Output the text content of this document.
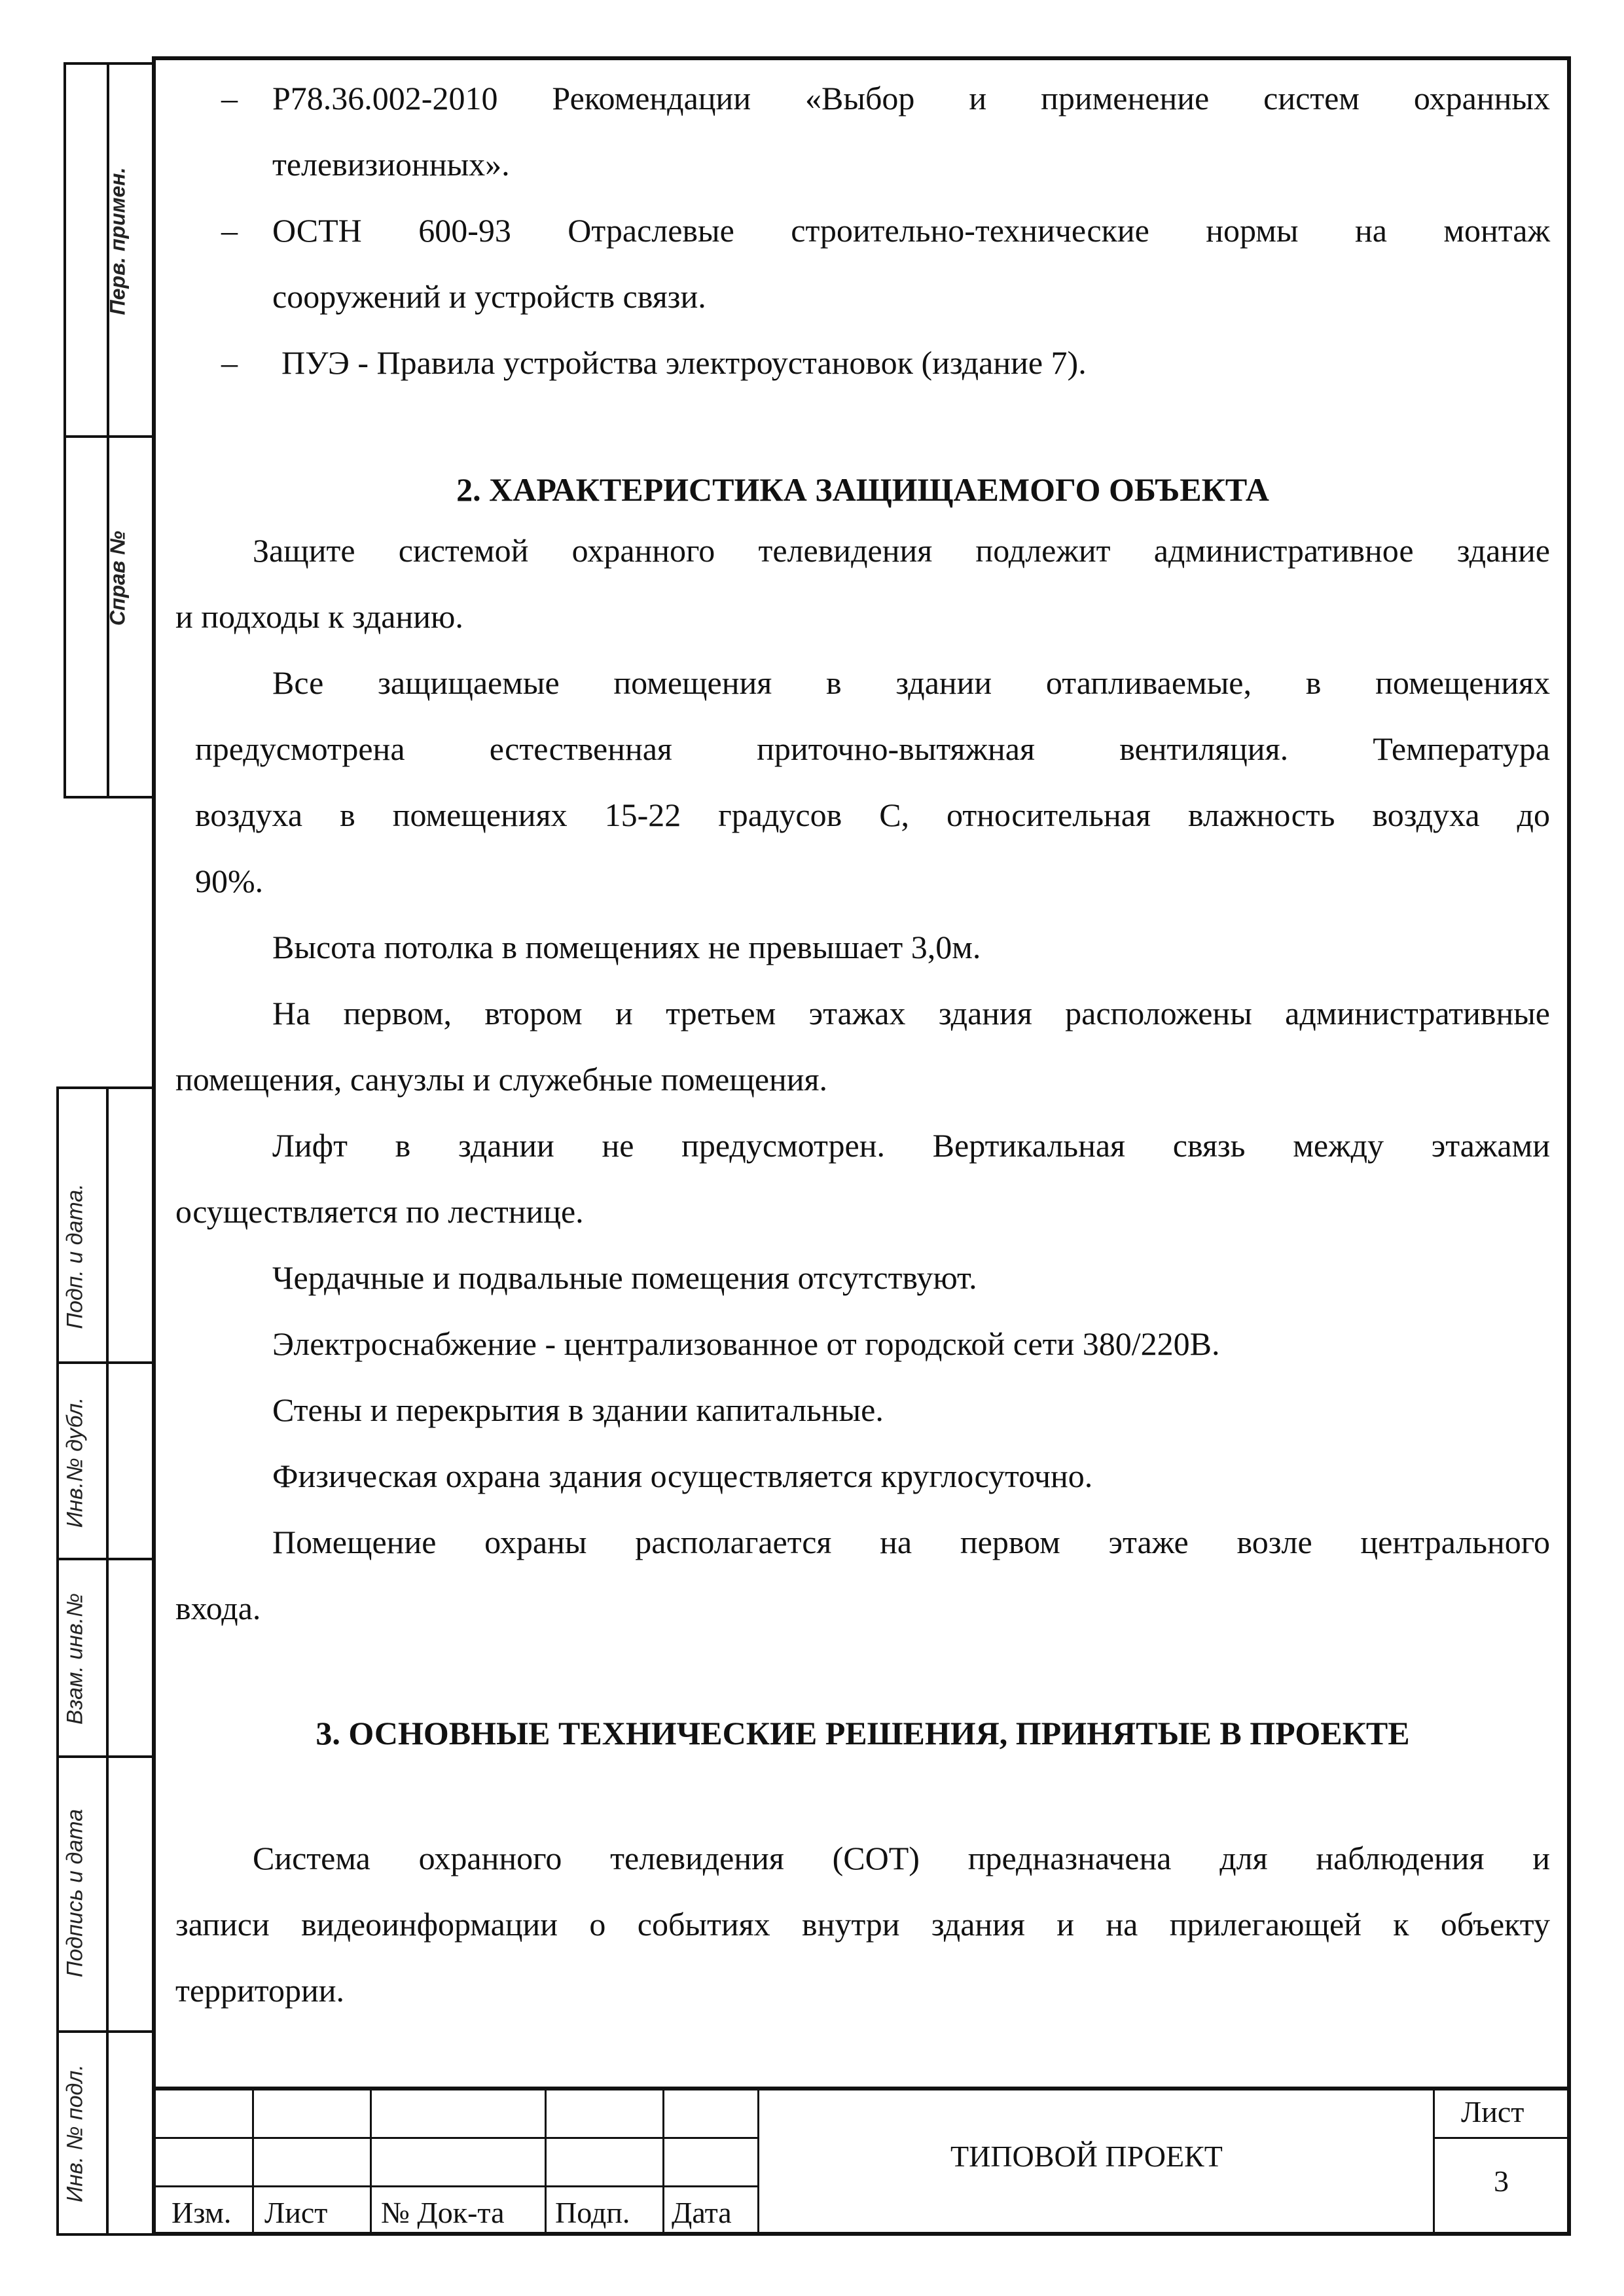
Перв. примен.
Справ №
Подп. и дата.
Инв.№ дубл.
Взам. инв.№
Подпись и дата
Инв. № подл.
– Р78.36.002-2010 Рекомендации «Выбор и применение систем охранных
телевизионных».
– ОСТН 600-93 Отраслевые строительно-технические нормы на монтаж
сооружений и устройств связи.
– ПУЭ - Правила устройства электроустановок (издание 7).
2. ХАРАКТЕРИСТИКА ЗАЩИЩАЕМОГО ОБЪЕКТА
Защите системой охранного телевидения подлежит административное здание
и подходы к зданию.
Все защищаемые помещения в здании отапливаемые, в помещениях
предусмотрена естественная приточно-вытяжная вентиляция. Температура
воздуха в помещениях 15-22 градусов С, относительная влажность воздуха до
90%.
Высота потолка в помещениях не превышает 3,0м.
На первом, втором и третьем этажах здания расположены административные
помещения, санузлы и служебные помещения.
Лифт в здании не предусмотрен. Вертикальная связь между этажами
осуществляется по лестнице.
Чердачные и подвальные помещения отсутствуют.
Электроснабжение - централизованное от городской сети 380/220В.
Стены и перекрытия в здании капитальные.
Физическая охрана здания осуществляется круглосуточно.
Помещение охраны располагается на первом этаже возле центрального
входа.
3. ОСНОВНЫЕ ТЕХНИЧЕСКИЕ РЕШЕНИЯ, ПРИНЯТЫЕ В ПРОЕКТЕ
Система охранного телевидения (СОТ) предназначена для наблюдения и
записи видеоинформации о событиях внутри здания и на прилегающей к объекту
территории.
Изм. Лист № Док-та Подп. Дата
ТИПОВОЙ ПРОЕКТ
Лист
3
